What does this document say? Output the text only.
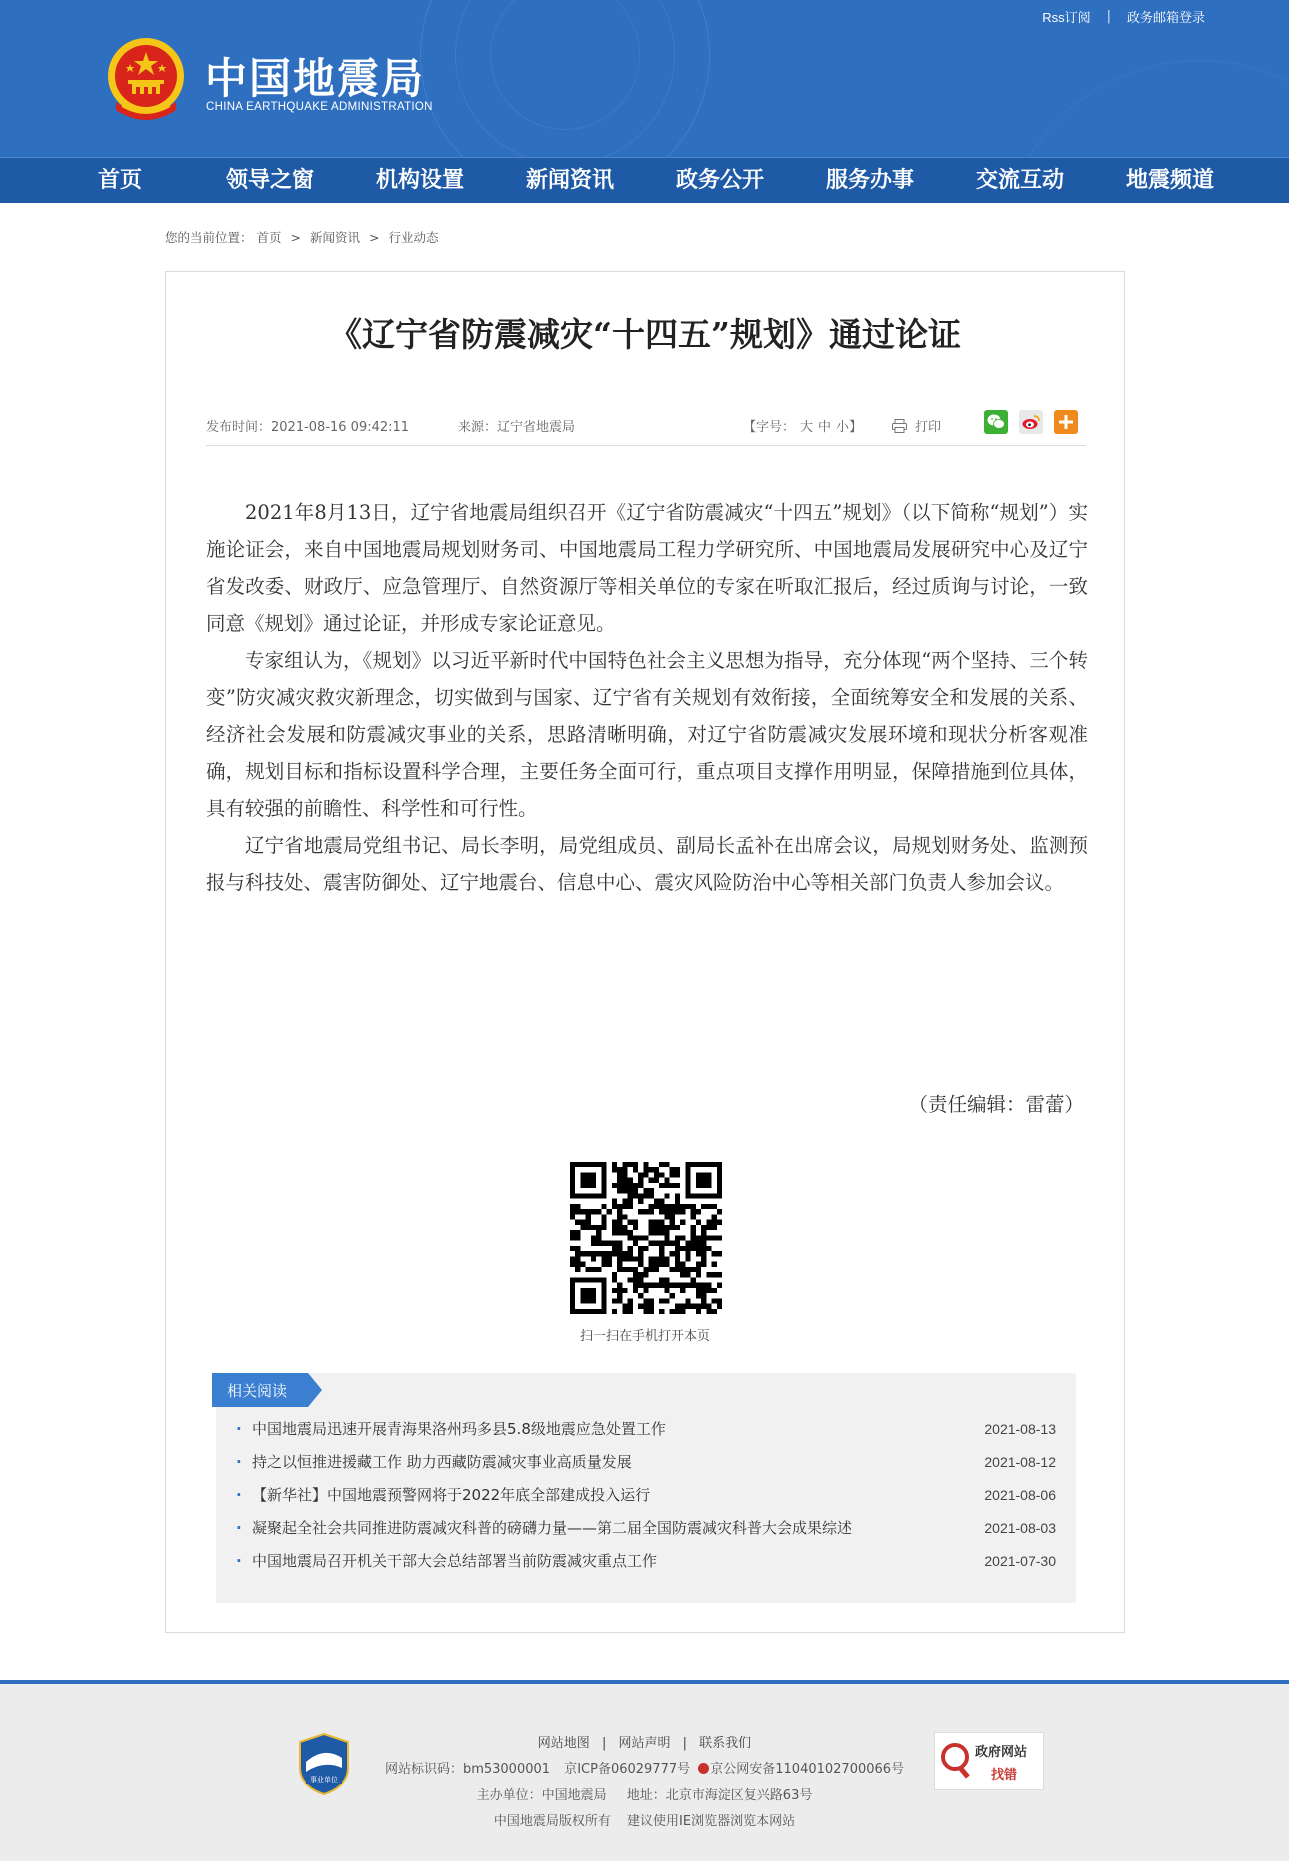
Rss订阅 | 政务邮箱登录
中国地震局
CHINA EARTHQUAKE ADMINISTRATION
首页	领导之窗	机构设置	新闻资讯	政务公开	服务办事	交流互动	地震频道
您的当前位置： 首页 > 新闻资讯 > 行业动态
《辽宁省防震减灾“十四五”规划》通过论证
发布时间：2021-08-16 09:42:11	来源：辽宁省地震局	【字号： 大 中 小】	打印

2021年8月13日，辽宁省地震局组织召开《辽宁省防震减灾“十四五”规划》（以下简称“规划”）实施论证会，来自中国地震局规划财务司、中国地震局工程力学研究所、中国地震局发展研究中心及辽宁省发改委、财政厅、应急管理厅、自然资源厅等相关单位的专家在听取汇报后，经过质询与讨论，一致同意《规划》通过论证，并形成专家论证意见。

专家组认为，《规划》以习近平新时代中国特色社会主义思想为指导，充分体现“两个坚持、三个转变”防灾减灾救灾新理念，切实做到与国家、辽宁省有关规划有效衔接，全面统筹安全和发展的关系、经济社会发展和防震减灾事业的关系，思路清晰明确，对辽宁省防震减灾发展环境和现状分析客观准确，规划目标和指标设置科学合理，主要任务全面可行，重点项目支撑作用明显，保障措施到位具体，具有较强的前瞻性、科学性和可行性。

辽宁省地震局党组书记、局长李明，局党组成员、副局长孟补在出席会议，局规划财务处、监测预报与科技处、震害防御处、辽宁地震台、信息中心、震灾风险防治中心等相关部门负责人参加会议。

（责任编辑：雷蕾）
扫一扫在手机打开本页
相关阅读
· 中国地震局迅速开展青海果洛州玛多县5.8级地震应急处置工作	2021-08-13
· 持之以恒推进援藏工作 助力西藏防震减灾事业高质量发展	2021-08-12
· 【新华社】中国地震预警网将于2022年底全部建成投入运行	2021-08-06
· 凝聚起全社会共同推进防震减灾科普的磅礴力量——第二届全国防震减灾科普大会成果综述	2021-08-03
· 中国地震局召开机关干部大会总结部署当前防震减灾重点工作	2021-07-30
事业单位
网站地图 | 网站声明 | 联系我们
网站标识码：bm53000001 京ICP备06029777号 京公网安备11040102700066号
主办单位：中国地震局 地址：北京市海淀区复兴路63号
中国地震局版权所有 建议使用IE浏览器浏览本网站
政府网站
找错
